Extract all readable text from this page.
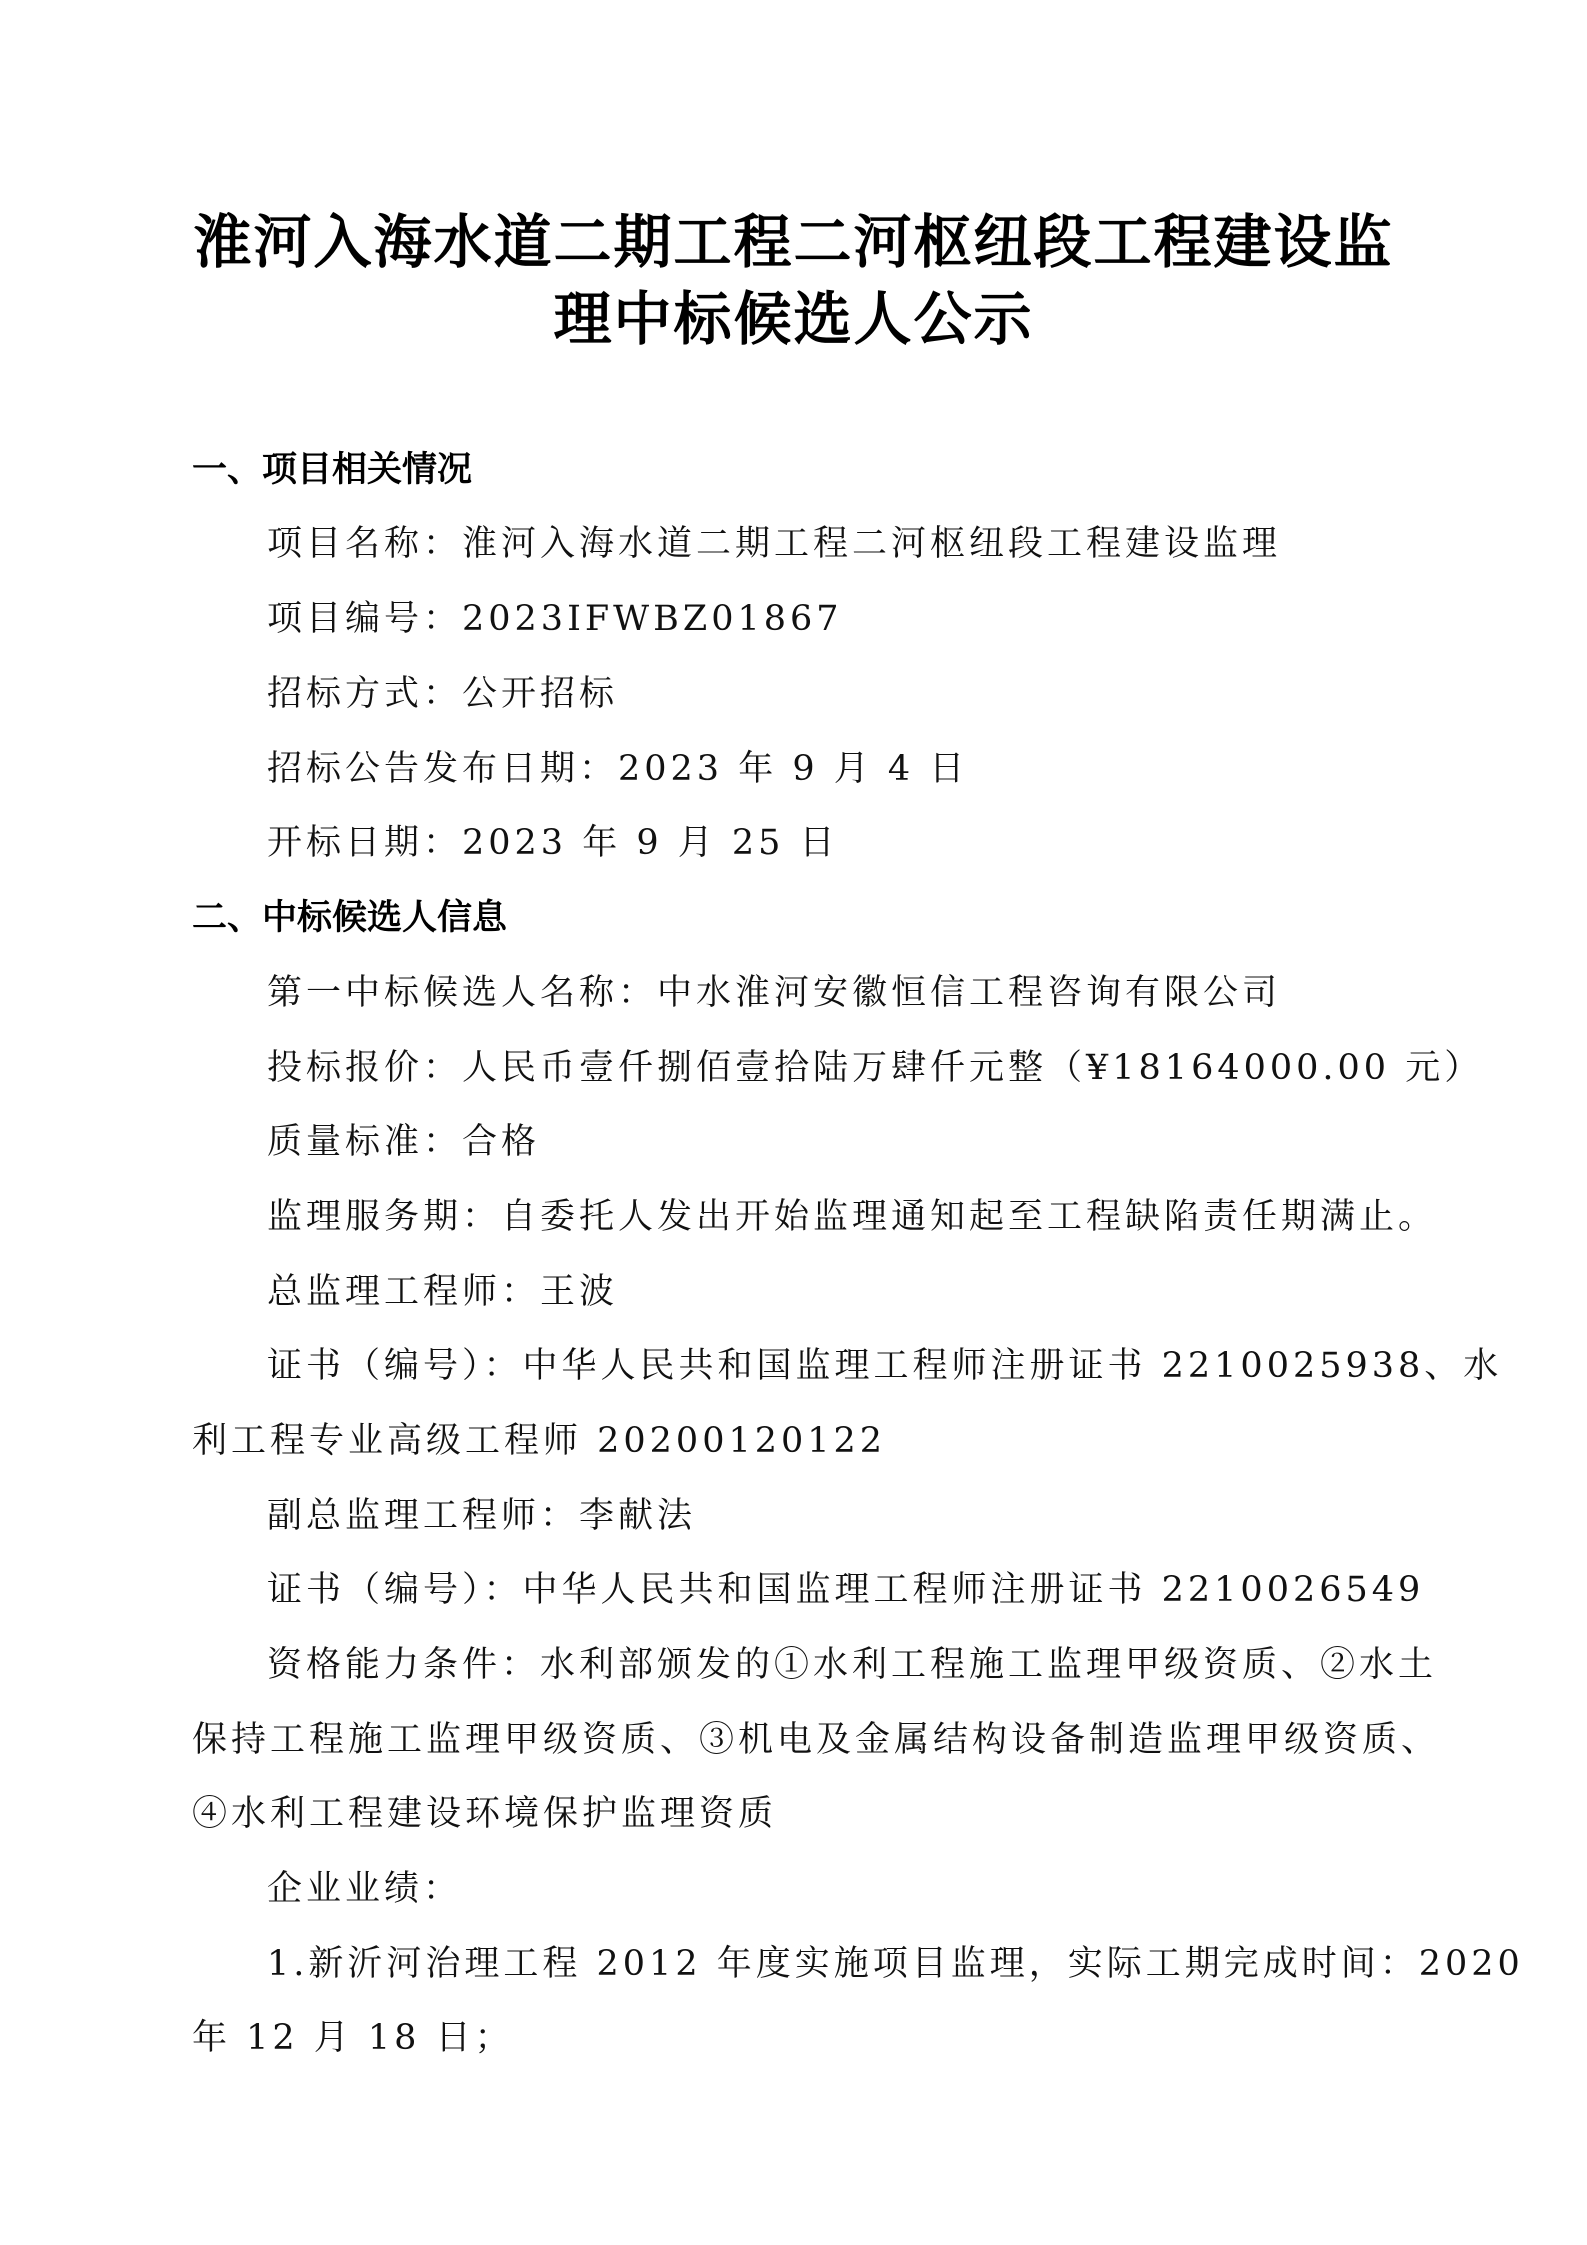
淮河入海水道二期工程二河枢纽段工程建设监
理中标候选人公示
一、项目相关情况
项目名称：淮河入海水道二期工程二河枢纽段工程建设监理
项目编号：2023IFWBZ01867
招标方式：公开招标
招标公告发布日期：2023 年 9 月 4 日
开标日期：2023 年 9 月 25 日
二、中标候选人信息
第一中标候选人名称：中水淮河安徽恒信工程咨询有限公司
投标报价：人民币壹仟捌佰壹拾陆万肆仟元整（¥18164000.00 元）
质量标准：合格
监理服务期：自委托人发出开始监理通知起至工程缺陷责任期满止。
总监理工程师：王波
证书（编号）：中华人民共和国监理工程师注册证书 2210025938、水
利工程专业高级工程师 20200120122
副总监理工程师：李献法
证书（编号）：中华人民共和国监理工程师注册证书 2210026549
资格能力条件：水利部颁发的①水利工程施工监理甲级资质、②水土
保持工程施工监理甲级资质、③机电及金属结构设备制造监理甲级资质、
④水利工程建设环境保护监理资质
企业业绩：
1.新沂河治理工程 2012 年度实施项目监理，实际工期完成时间：2020
年 12 月 18 日；
